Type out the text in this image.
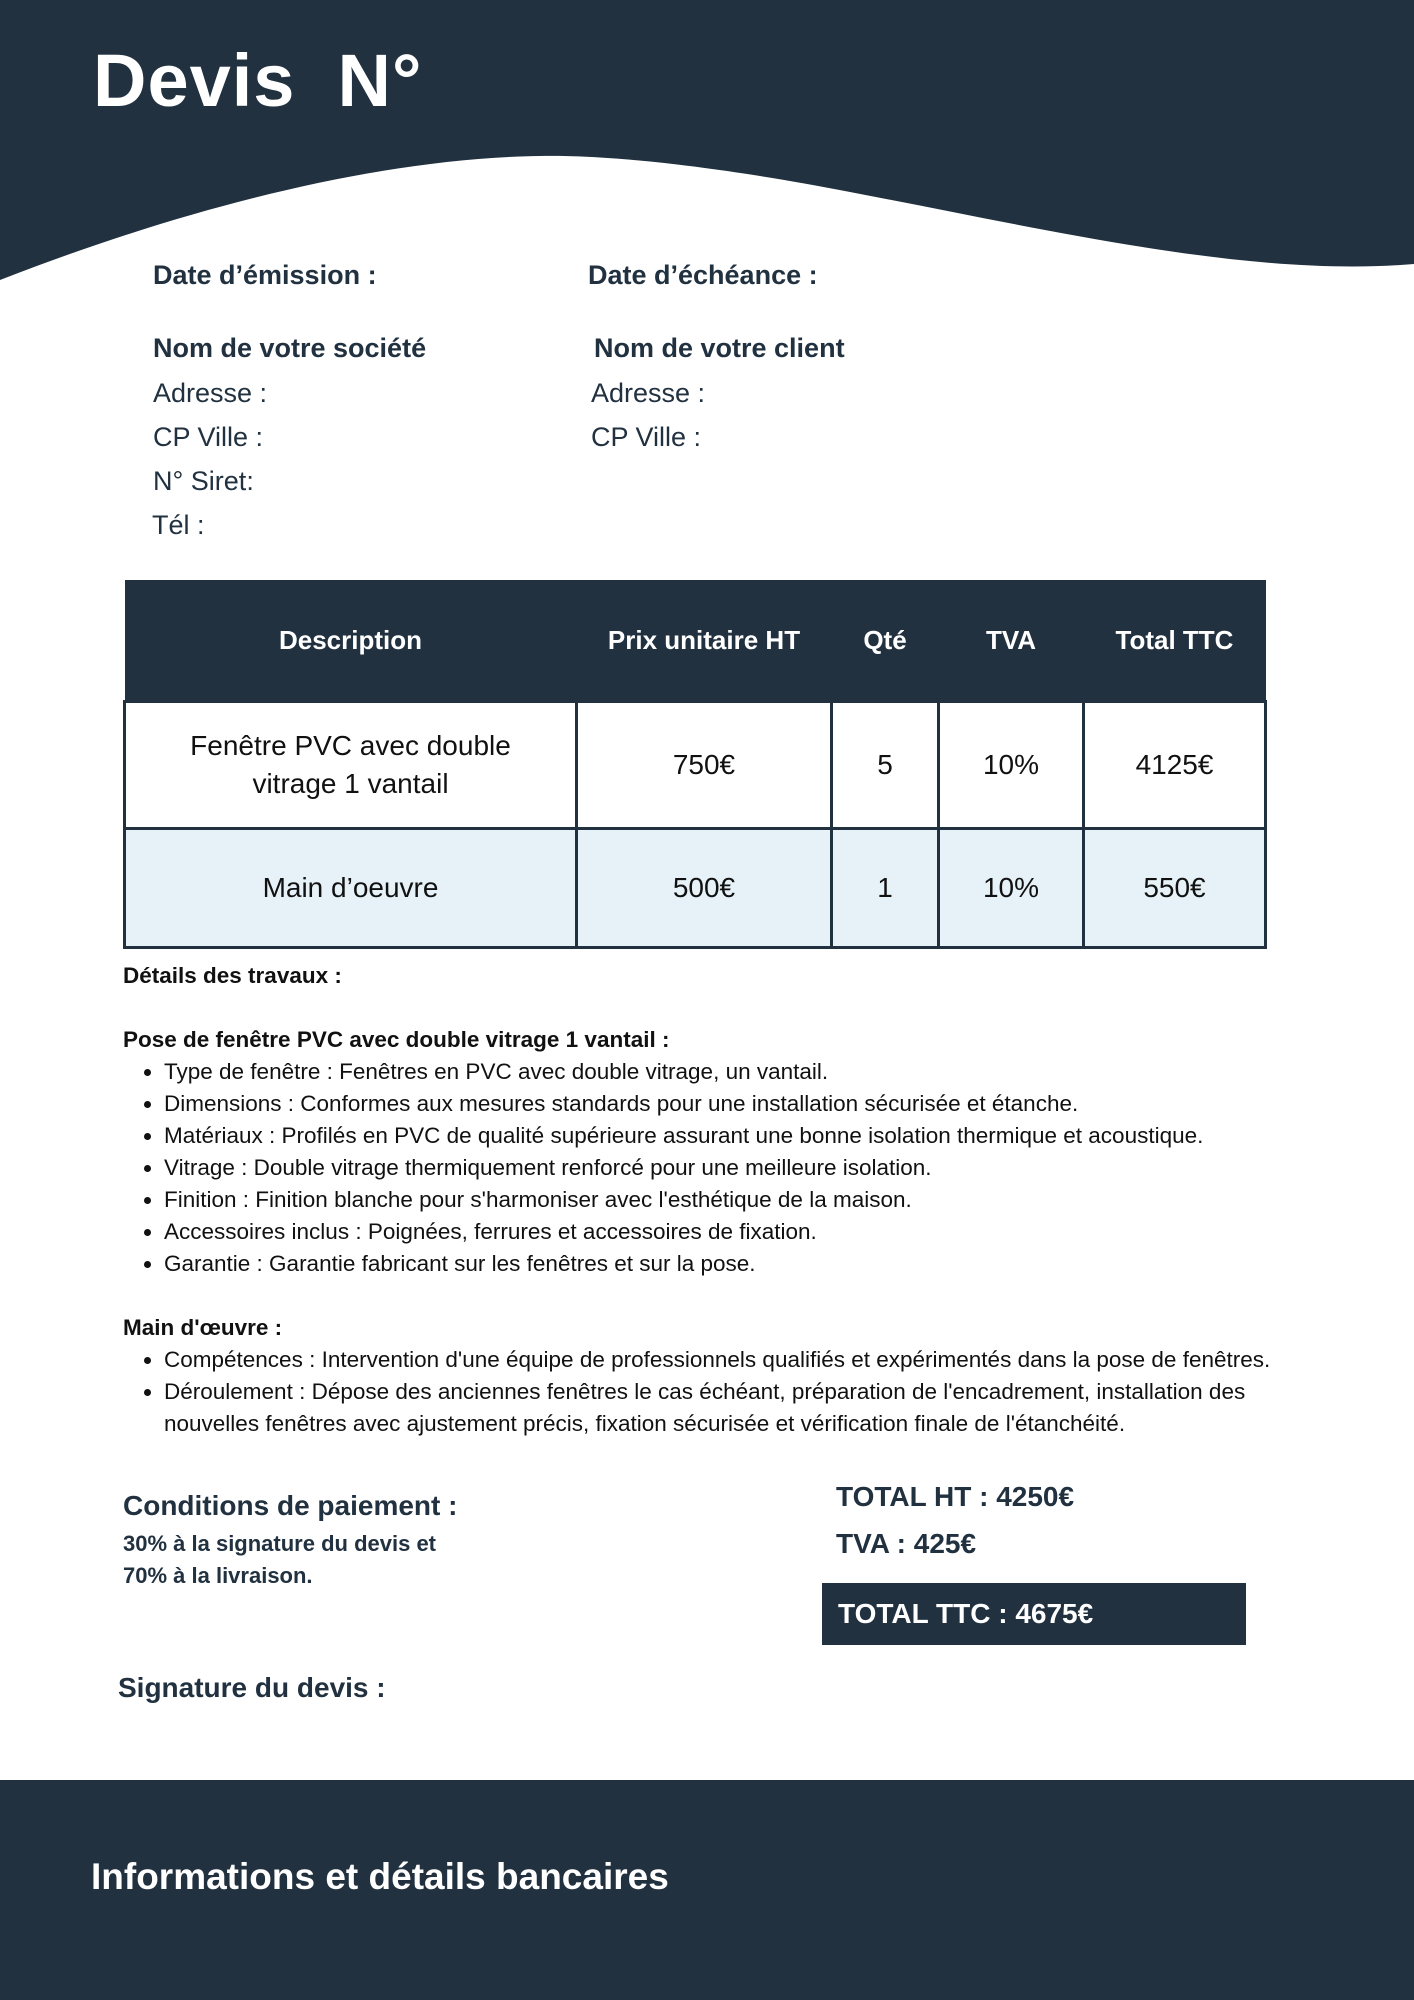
Devis N°
Date d’émission :	Date d’échéance :
Nom de votre société
Adresse :
CP Ville :
N° Siret:
Tél :
Nom de votre client
Adresse :
CP Ville :
Description	Prix unitaire HT	Qté	TVA	Total TTC
Fenêtre PVC avec double vitrage 1 vantail	750€	5	10%	4125€
Main d’oeuvre	500€	1	10%	550€

Détails des travaux :

Pose de fenêtre PVC avec double vitrage 1 vantail :

• Type de fenêtre : Fenêtres en PVC avec double vitrage, un vantail.
• Dimensions : Conformes aux mesures standards pour une installation sécurisée et étanche.
• Matériaux : Profilés en PVC de qualité supérieure assurant une bonne isolation thermique et acoustique.
• Vitrage : Double vitrage thermiquement renforcé pour une meilleure isolation.
• Finition : Finition blanche pour s'harmoniser avec l'esthétique de la maison.
• Accessoires inclus : Poignées, ferrures et accessoires de fixation.
• Garantie : Garantie fabricant sur les fenêtres et sur la pose.

Main d'œuvre :

• Compétences : Intervention d'une équipe de professionnels qualifiés et expérimentés dans la pose de fenêtres.
• Déroulement : Dépose des anciennes fenêtres le cas échéant, préparation de l'encadrement, installation des nouvelles fenêtres avec ajustement précis, fixation sécurisée et vérification finale de l'étanchéité.
Conditions de paiement :
30% à la signature du devis et 70% à la livraison.
TOTAL HT : 4250€
TVA : 425€
TOTAL TTC : 4675€
Signature du devis :
Informations et détails bancaires
